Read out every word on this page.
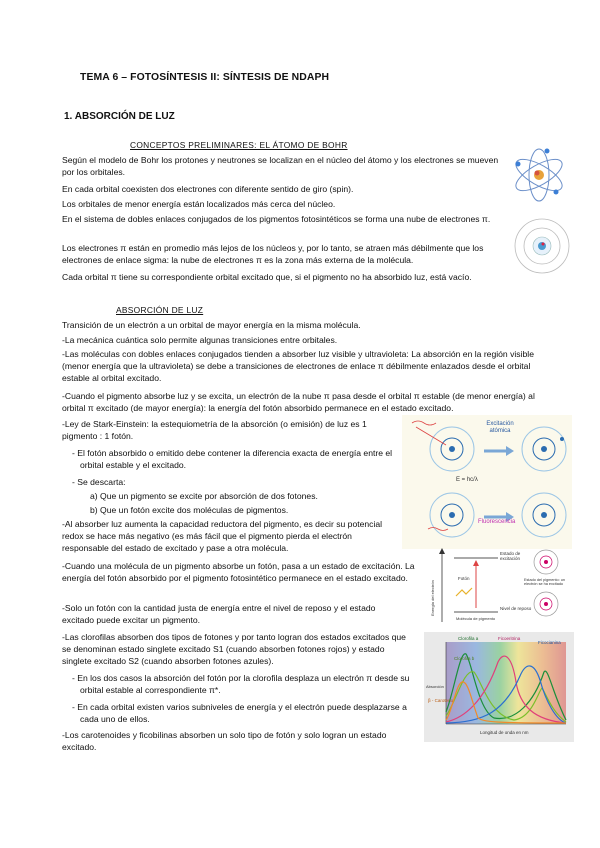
TEMA 6 – FOTOSÍNTESIS II: SÍNTESIS DE NDAPH
1. ABSORCIÓN DE LUZ
CONCEPTOS PRELIMINARES: EL ÁTOMO DE BOHR
Según el modelo de Bohr los protones y neutrones se localizan en el núcleo del átomo y los electrones se mueven por los orbitales.
En cada orbital coexisten dos electrones con diferente sentido de giro (spin).
Los orbitales de menor energía están localizados más cerca del núcleo.
En el sistema de dobles enlaces conjugados de los pigmentos fotosintéticos se forma una nube de electrones π.
Los electrones π están en promedio más lejos de los núcleos y, por lo tanto, se atraen más débilmente que los electrones de enlace sigma: la nube de electrones π es la zona más externa de la molécula.
Cada orbital π tiene su correspondiente orbital excitado que, si el pigmento no ha absorbido luz, está vacío.
ABSORCIÓN DE LUZ
Transición de un electrón a un orbital de mayor energía en la misma molécula.
-La mecánica cuántica solo permite algunas transiciones entre orbitales.
-Las moléculas con dobles enlaces conjugados tienden a absorber luz visible y ultravioleta: La absorción en la región visible (menor energía que la ultravioleta) se debe a transiciones de electrones de enlace π débilmente enlazados desde el orbital estable al orbital excitado.
-Cuando el pigmento absorbe luz y se excita, un electrón de la nube π pasa desde el orbital π estable (de menor energía) al orbital π excitado (de mayor energía): la energía del fotón absorbido permanece en el estado excitado.
-Ley de Stark-Einstein: la estequiometría de la absorción (o emisión) de luz es 1 pigmento : 1 fotón.
- El fotón absorbido o emitido debe contener la diferencia exacta de energía entre el orbital estable y el excitado.
- Se descarta:
a) Que un pigmento se excite por absorción de dos fotones.
b) Que un fotón excite dos moléculas de pigmentos.
-Al absorber luz aumenta la capacidad reductora del pigmento, es decir su potencial redox se hace más negativo (es más fácil que el pigmento pierda el electrón responsable del estado de excitado y pase a otra molécula.
-Cuando una molécula de un pigmento absorbe un fotón, pasa a un estado de excitación. La energía del fotón absorbido por el pigmento fotosintético permanece en el estado excitado.
-Solo un fotón con la cantidad justa de energía entre el nivel de reposo y el estado excitado puede excitar un pigmento.
-Las clorofilas absorben dos tipos de fotones y por tanto logran dos estados excitados que se denominan estado singlete excitado S1 (cuando absorben fotones rojos) y estado singlete excitado S2 (cuando absorben fotones azules).
- En los dos casos la absorción del fotón por la clorofila desplaza un electrón π desde su orbital estable al correspondiente π*.
- En cada orbital existen varios subniveles de energía y el electrón puede desplazarse a cada uno de ellos.
-Los carotenoides y ficobilinas absorben un solo tipo de fotón y solo logran un estado excitado.
Excitación atómica
Fluorescencia
E = hc/λ
Energía del electrón
Estado de excitación
Fotón
Nivel de reposo
Molécula de pigmento
Estado del pigmento: un electrón se ha excitado
Clorofila a
Clorofila b
Ficoeritrina
Ficocianina
β - Caroteno
Absorción
Longitud de onda en nm
